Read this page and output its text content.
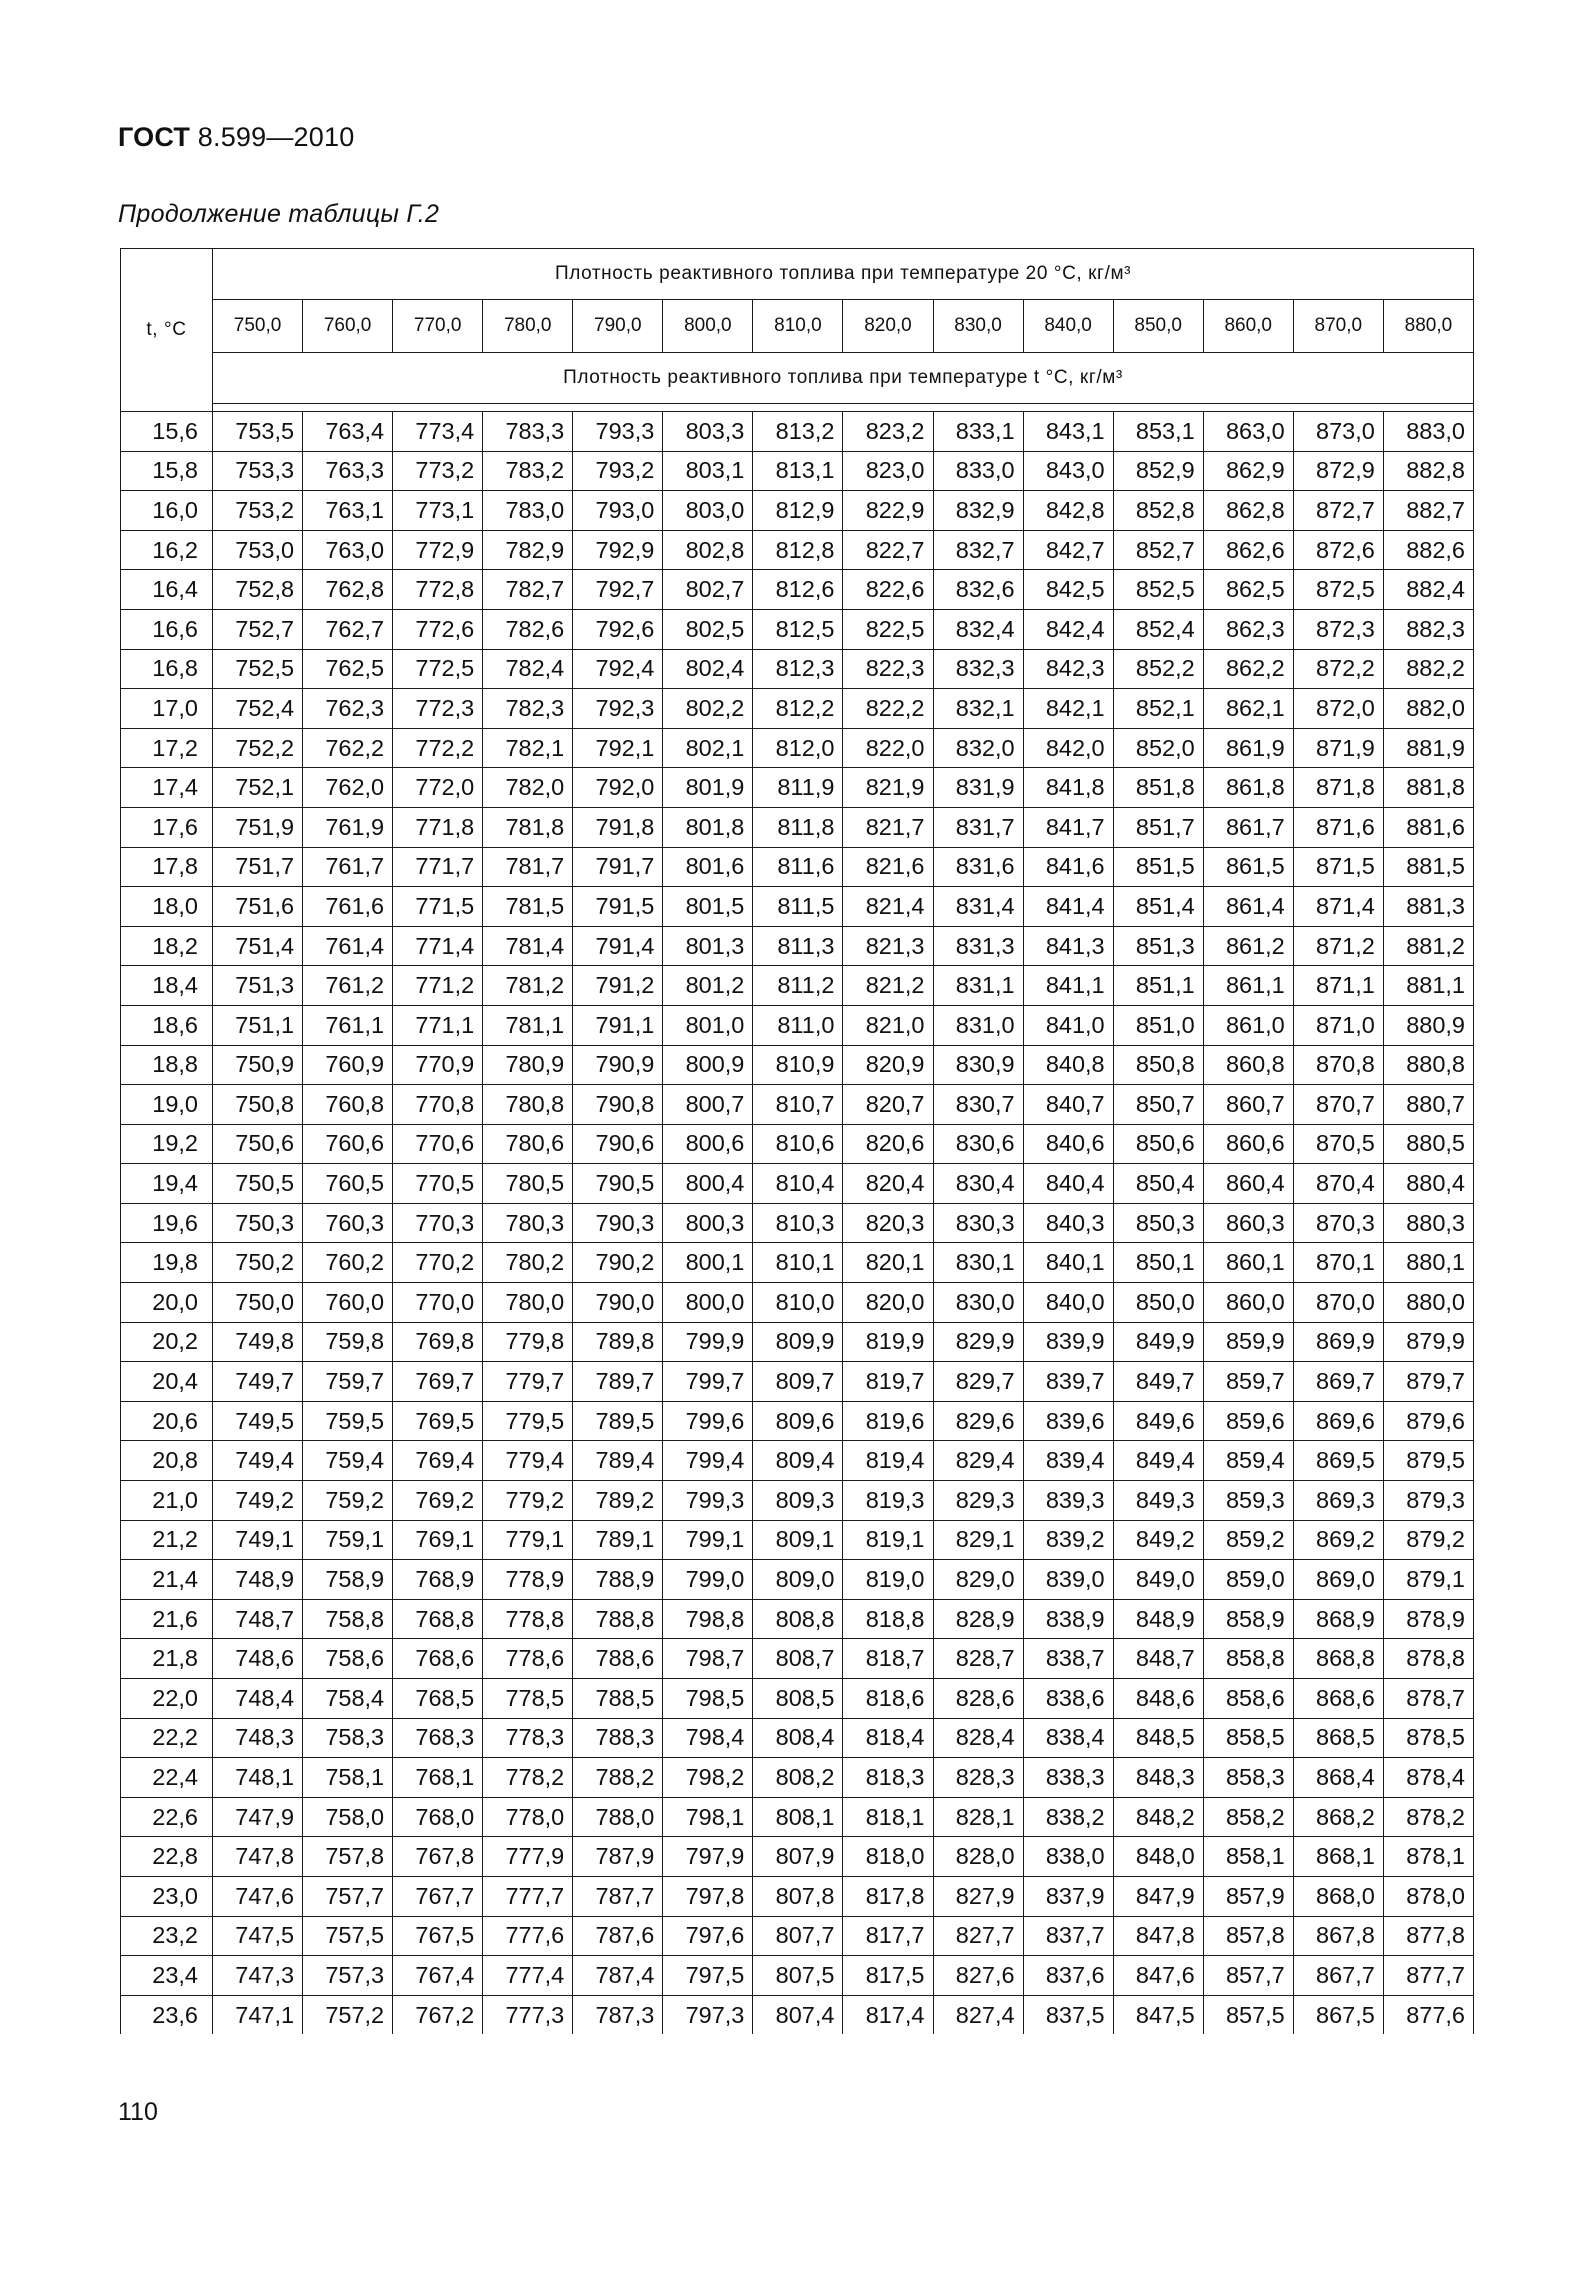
ГОСТ 8.599—2010
Продолжение таблицы Г.2
t, °C	Плотность реактивного топлива при температуре 20 °C, кг/м³													
	750,0	760,0	770,0	780,0	790,0	800,0	810,0	820,0	830,0	840,0	850,0	860,0	870,0	880,0
	Плотность реактивного топлива при температуре t °C, кг/м³													

15,6	753,5	763,4	773,4	783,3	793,3	803,3	813,2	823,2	833,1	843,1	853,1	863,0	873,0	883,0
15,8	753,3	763,3	773,2	783,2	793,2	803,1	813,1	823,0	833,0	843,0	852,9	862,9	872,9	882,8
16,0	753,2	763,1	773,1	783,0	793,0	803,0	812,9	822,9	832,9	842,8	852,8	862,8	872,7	882,7
16,2	753,0	763,0	772,9	782,9	792,9	802,8	812,8	822,7	832,7	842,7	852,7	862,6	872,6	882,6
16,4	752,8	762,8	772,8	782,7	792,7	802,7	812,6	822,6	832,6	842,5	852,5	862,5	872,5	882,4
16,6	752,7	762,7	772,6	782,6	792,6	802,5	812,5	822,5	832,4	842,4	852,4	862,3	872,3	882,3
16,8	752,5	762,5	772,5	782,4	792,4	802,4	812,3	822,3	832,3	842,3	852,2	862,2	872,2	882,2
17,0	752,4	762,3	772,3	782,3	792,3	802,2	812,2	822,2	832,1	842,1	852,1	862,1	872,0	882,0
17,2	752,2	762,2	772,2	782,1	792,1	802,1	812,0	822,0	832,0	842,0	852,0	861,9	871,9	881,9
17,4	752,1	762,0	772,0	782,0	792,0	801,9	811,9	821,9	831,9	841,8	851,8	861,8	871,8	881,8
17,6	751,9	761,9	771,8	781,8	791,8	801,8	811,8	821,7	831,7	841,7	851,7	861,7	871,6	881,6
17,8	751,7	761,7	771,7	781,7	791,7	801,6	811,6	821,6	831,6	841,6	851,5	861,5	871,5	881,5
18,0	751,6	761,6	771,5	781,5	791,5	801,5	811,5	821,4	831,4	841,4	851,4	861,4	871,4	881,3
18,2	751,4	761,4	771,4	781,4	791,4	801,3	811,3	821,3	831,3	841,3	851,3	861,2	871,2	881,2
18,4	751,3	761,2	771,2	781,2	791,2	801,2	811,2	821,2	831,1	841,1	851,1	861,1	871,1	881,1
18,6	751,1	761,1	771,1	781,1	791,1	801,0	811,0	821,0	831,0	841,0	851,0	861,0	871,0	880,9
18,8	750,9	760,9	770,9	780,9	790,9	800,9	810,9	820,9	830,9	840,8	850,8	860,8	870,8	880,8
19,0	750,8	760,8	770,8	780,8	790,8	800,7	810,7	820,7	830,7	840,7	850,7	860,7	870,7	880,7
19,2	750,6	760,6	770,6	780,6	790,6	800,6	810,6	820,6	830,6	840,6	850,6	860,6	870,5	880,5
19,4	750,5	760,5	770,5	780,5	790,5	800,4	810,4	820,4	830,4	840,4	850,4	860,4	870,4	880,4
19,6	750,3	760,3	770,3	780,3	790,3	800,3	810,3	820,3	830,3	840,3	850,3	860,3	870,3	880,3
19,8	750,2	760,2	770,2	780,2	790,2	800,1	810,1	820,1	830,1	840,1	850,1	860,1	870,1	880,1
20,0	750,0	760,0	770,0	780,0	790,0	800,0	810,0	820,0	830,0	840,0	850,0	860,0	870,0	880,0
20,2	749,8	759,8	769,8	779,8	789,8	799,9	809,9	819,9	829,9	839,9	849,9	859,9	869,9	879,9
20,4	749,7	759,7	769,7	779,7	789,7	799,7	809,7	819,7	829,7	839,7	849,7	859,7	869,7	879,7
20,6	749,5	759,5	769,5	779,5	789,5	799,6	809,6	819,6	829,6	839,6	849,6	859,6	869,6	879,6
20,8	749,4	759,4	769,4	779,4	789,4	799,4	809,4	819,4	829,4	839,4	849,4	859,4	869,5	879,5
21,0	749,2	759,2	769,2	779,2	789,2	799,3	809,3	819,3	829,3	839,3	849,3	859,3	869,3	879,3
21,2	749,1	759,1	769,1	779,1	789,1	799,1	809,1	819,1	829,1	839,2	849,2	859,2	869,2	879,2
21,4	748,9	758,9	768,9	778,9	788,9	799,0	809,0	819,0	829,0	839,0	849,0	859,0	869,0	879,1
21,6	748,7	758,8	768,8	778,8	788,8	798,8	808,8	818,8	828,9	838,9	848,9	858,9	868,9	878,9
21,8	748,6	758,6	768,6	778,6	788,6	798,7	808,7	818,7	828,7	838,7	848,7	858,8	868,8	878,8
22,0	748,4	758,4	768,5	778,5	788,5	798,5	808,5	818,6	828,6	838,6	848,6	858,6	868,6	878,7
22,2	748,3	758,3	768,3	778,3	788,3	798,4	808,4	818,4	828,4	838,4	848,5	858,5	868,5	878,5
22,4	748,1	758,1	768,1	778,2	788,2	798,2	808,2	818,3	828,3	838,3	848,3	858,3	868,4	878,4
22,6	747,9	758,0	768,0	778,0	788,0	798,1	808,1	818,1	828,1	838,2	848,2	858,2	868,2	878,2
22,8	747,8	757,8	767,8	777,9	787,9	797,9	807,9	818,0	828,0	838,0	848,0	858,1	868,1	878,1
23,0	747,6	757,7	767,7	777,7	787,7	797,8	807,8	817,8	827,9	837,9	847,9	857,9	868,0	878,0
23,2	747,5	757,5	767,5	777,6	787,6	797,6	807,7	817,7	827,7	837,7	847,8	857,8	867,8	877,8
23,4	747,3	757,3	767,4	777,4	787,4	797,5	807,5	817,5	827,6	837,6	847,6	857,7	867,7	877,7
23,6	747,1	757,2	767,2	777,3	787,3	797,3	807,4	817,4	827,4	837,5	847,5	857,5	867,5	877,6
110
